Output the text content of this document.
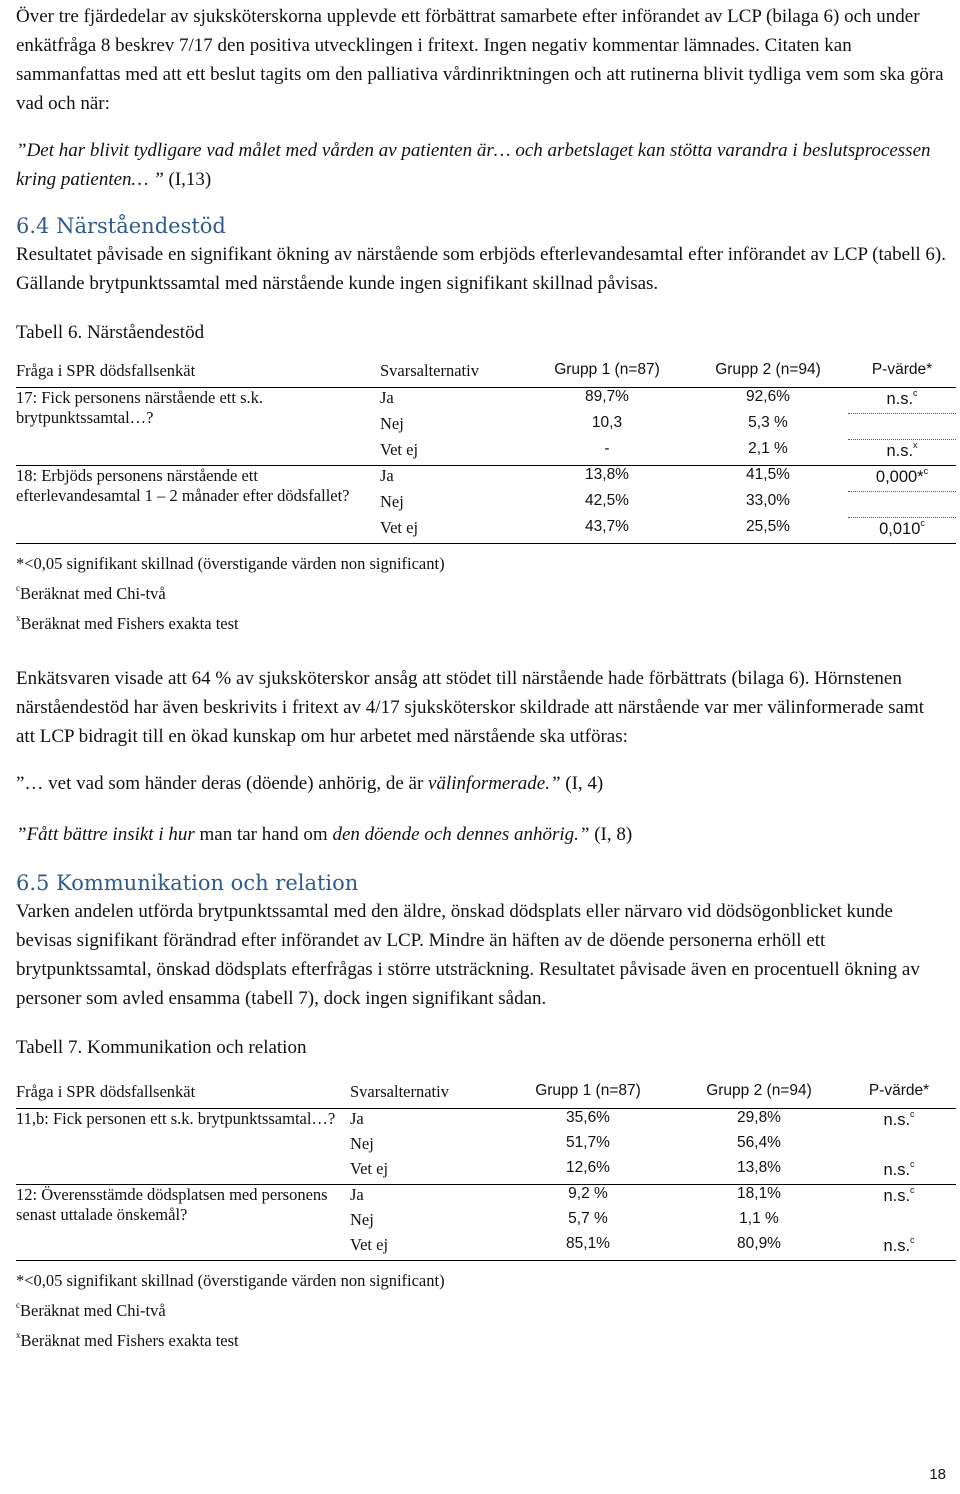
Över tre fjärdedelar av sjuksköterskorna upplevde ett förbättrat samarbete efter införandet av LCP (bilaga 6) och under enkätfråga 8 beskrev 7/17 den positiva utvecklingen i fritext. Ingen negativ kommentar lämnades. Citaten kan sammanfattas med att ett beslut tagits om den palliativa vårdinriktningen och att rutinerna blivit tydliga vem som ska göra vad och när:

”Det har blivit tydligare vad målet med vården av patienten är… och arbetslaget kan stötta varandra i beslutsprocessen kring patienten… ” (I,13)

6.4 Närståendestöd

Resultatet påvisade en signifikant ökning av närstående som erbjöds efterlevandesamtal efter införandet av LCP (tabell 6). Gällande brytpunktssamtal med närstående kunde ingen signifikant skillnad påvisas.

Tabell 6. Närståendestöd

Fråga i SPR dödsfallsenkät	Svarsalternativ	Grupp 1 (n=87)	Grupp 2 (n=94)	P-värde*
17: Fick personens närstående ett s.k. brytpunktssamtal…?	Ja	89,7%	92,6%	n.s.$^c$
	Nej	10,3	5,3 %	
	Vet ej	-	2,1 %	n.s.$^x$
18: Erbjöds personens närstående ett efterlevandesamtal 1 – 2 månader efter dödsfallet?	Ja	13,8%	41,5%	0,000*$^c$
	Nej	42,5%	33,0%	
	Vet ej	43,7%	25,5%	0,010$^c$

*<0,05 signifikant skillnad (överstigande värden non significant)

$^c$Beräknat med Chi-två

$^x$Beräknat med Fishers exakta test

Enkätsvaren visade att 64 % av sjuksköterskor ansåg att stödet till närstående hade förbättrats (bilaga 6). Hörnstenen närståendestöd har även beskrivits i fritext av 4/17 sjuksköterskor skildrade att närstående var mer välinformerade samt att LCP bidragit till en ökad kunskap om hur arbetet med närstående ska utföras:

”… vet vad som händer deras (döende) anhörig, de är välinformerade.” (I, 4)

”Fått bättre insikt i hur man tar hand om den döende och dennes anhörig.” (I, 8)

6.5 Kommunikation och relation

Varken andelen utförda brytpunktssamtal med den äldre, önskad dödsplats eller närvaro vid dödsögonblicket kunde bevisas signifikant förändrad efter införandet av LCP. Mindre än häften av de döende personerna erhöll ett brytpunktssamtal, önskad dödsplats efterfrågas i större utsträckning. Resultatet påvisade även en procentuell ökning av personer som avled ensamma (tabell 7), dock ingen signifikant sådan.

Tabell 7. Kommunikation och relation

Fråga i SPR dödsfallsenkät	Svarsalternativ	Grupp 1 (n=87)	Grupp 2 (n=94)	P-värde*
11,b: Fick personen ett s.k. brytpunktssamtal…?	Ja	35,6%	29,8%	n.s.$^c$
	Nej	51,7%	56,4%	
	Vet ej	12,6%	13,8%	n.s.$^c$
12: Överensstämde dödsplatsen med personens senast uttalade önskemål?	Ja	9,2 %	18,1%	n.s.$^c$
	Nej	5,7 %	1,1 %	
	Vet ej	85,1%	80,9%	n.s.$^c$

*<0,05 signifikant skillnad (överstigande värden non significant)

$^c$Beräknat med Chi-två

$^x$Beräknat med Fishers exakta test

18
